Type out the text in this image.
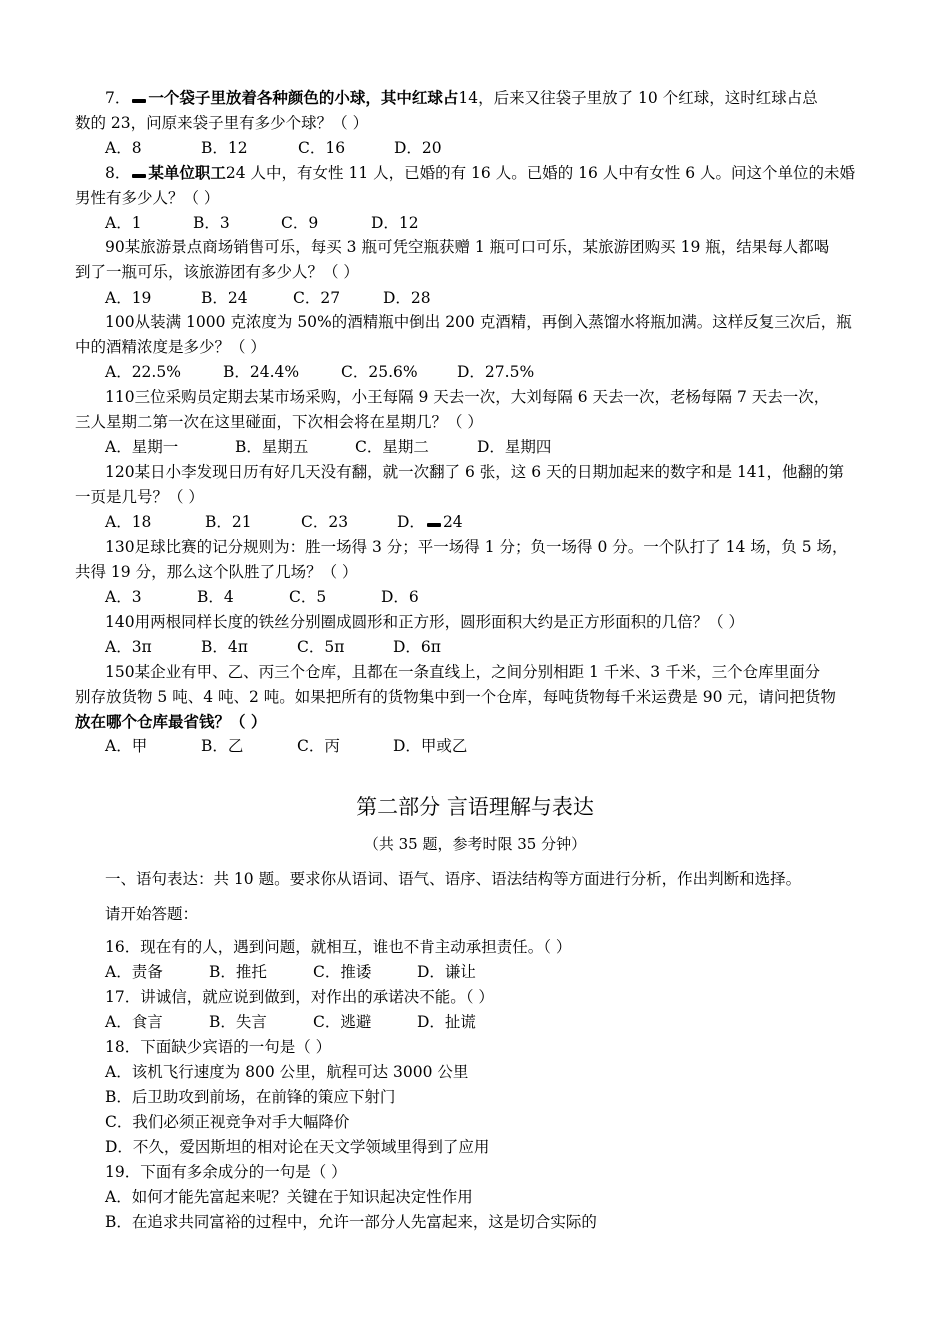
7． 一个袋子里放着各种颜色的小球，其中红球占14，后来又往袋子里放了 10 个红球，这时红球占总
数的 23，问原来袋子里有多少个球？（ ）
A．8	B．12	C．16	D．20
8． 某单位职工24 人中，有女性 11 人，已婚的有 16 人。已婚的 16 人中有女性 6 人。问这个单位的未婚
男性有多少人？（ ）
A．1	B．3	C．9	D．12
90某旅游景点商场销售可乐，每买 3 瓶可凭空瓶获赠 1 瓶可口可乐，某旅游团购买 19 瓶，结果每人都喝
到了一瓶可乐，该旅游团有多少人？（ ）
A．19	B．24	C．27	D．28
100从装满 1000 克浓度为 50%的酒精瓶中倒出 200 克酒精，再倒入蒸馏水将瓶加满。这样反复三次后，瓶
中的酒精浓度是多少？（ ）
A．22.5%	B．24.4%	C．25.6%	D．27.5%
110三位采购员定期去某市场采购，小王每隔 9 天去一次，大刘每隔 6 天去一次，老杨每隔 7 天去一次，
三人星期二第一次在这里碰面，下次相会将在星期几？（ ）
A．星期一	B．星期五	C．星期二	D．星期四
120某日小李发现日历有好几天没有翻，就一次翻了 6 张，这 6 天的日期加起来的数字和是 141，他翻的第
一页是几号？（ ）
A．18	B．21	C．23	D． 24
130足球比赛的记分规则为：胜一场得 3 分；平一场得 1 分；负一场得 0 分。一个队打了 14 场，负 5 场，
共得 19 分，那么这个队胜了几场？（ ）
A．3	B．4	C．5	D．6
140用两根同样长度的铁丝分别圈成圆形和正方形，圆形面积大约是正方形面积的几倍？（ ）
A．3π	B．4π	C．5π	D．6π
150某企业有甲、乙、丙三个仓库，且都在一条直线上，之间分别相距 1 千米、3 千米，三个仓库里面分
别存放货物 5 吨、4 吨、2 吨。如果把所有的货物集中到一个仓库，每吨货物每千米运费是 90 元，请问把货物
放在哪个仓库最省钱？（ ）
A．甲	B．乙	C．丙	D．甲或乙
第二部分 言语理解与表达
（共 35 题，参考时限 35 分钟）
一、语句表达：共 10 题。要求你从语词、语气、语序、语法结构等方面进行分析，作出判断和选择。
请开始答题：
16．现在有的人，遇到问题，就相互，谁也不肯主动承担责任。（ ）
A．责备	B．推托	C．推诿	D．谦让
17．讲诚信，就应说到做到，对作出的承诺决不能。（ ）
A．食言	B．失言	C．逃避	D．扯谎
18．下面缺少宾语的一句是（ ）
A．该机飞行速度为 800 公里，航程可达 3000 公里
B．后卫助攻到前场，在前锋的策应下射门
C．我们必须正视竞争对手大幅降价
D．不久，爱因斯坦的相对论在天文学领域里得到了应用
19．下面有多余成分的一句是（ ）
A．如何才能先富起来呢？关键在于知识起决定性作用
B．在追求共同富裕的过程中，允许一部分人先富起来，这是切合实际的
